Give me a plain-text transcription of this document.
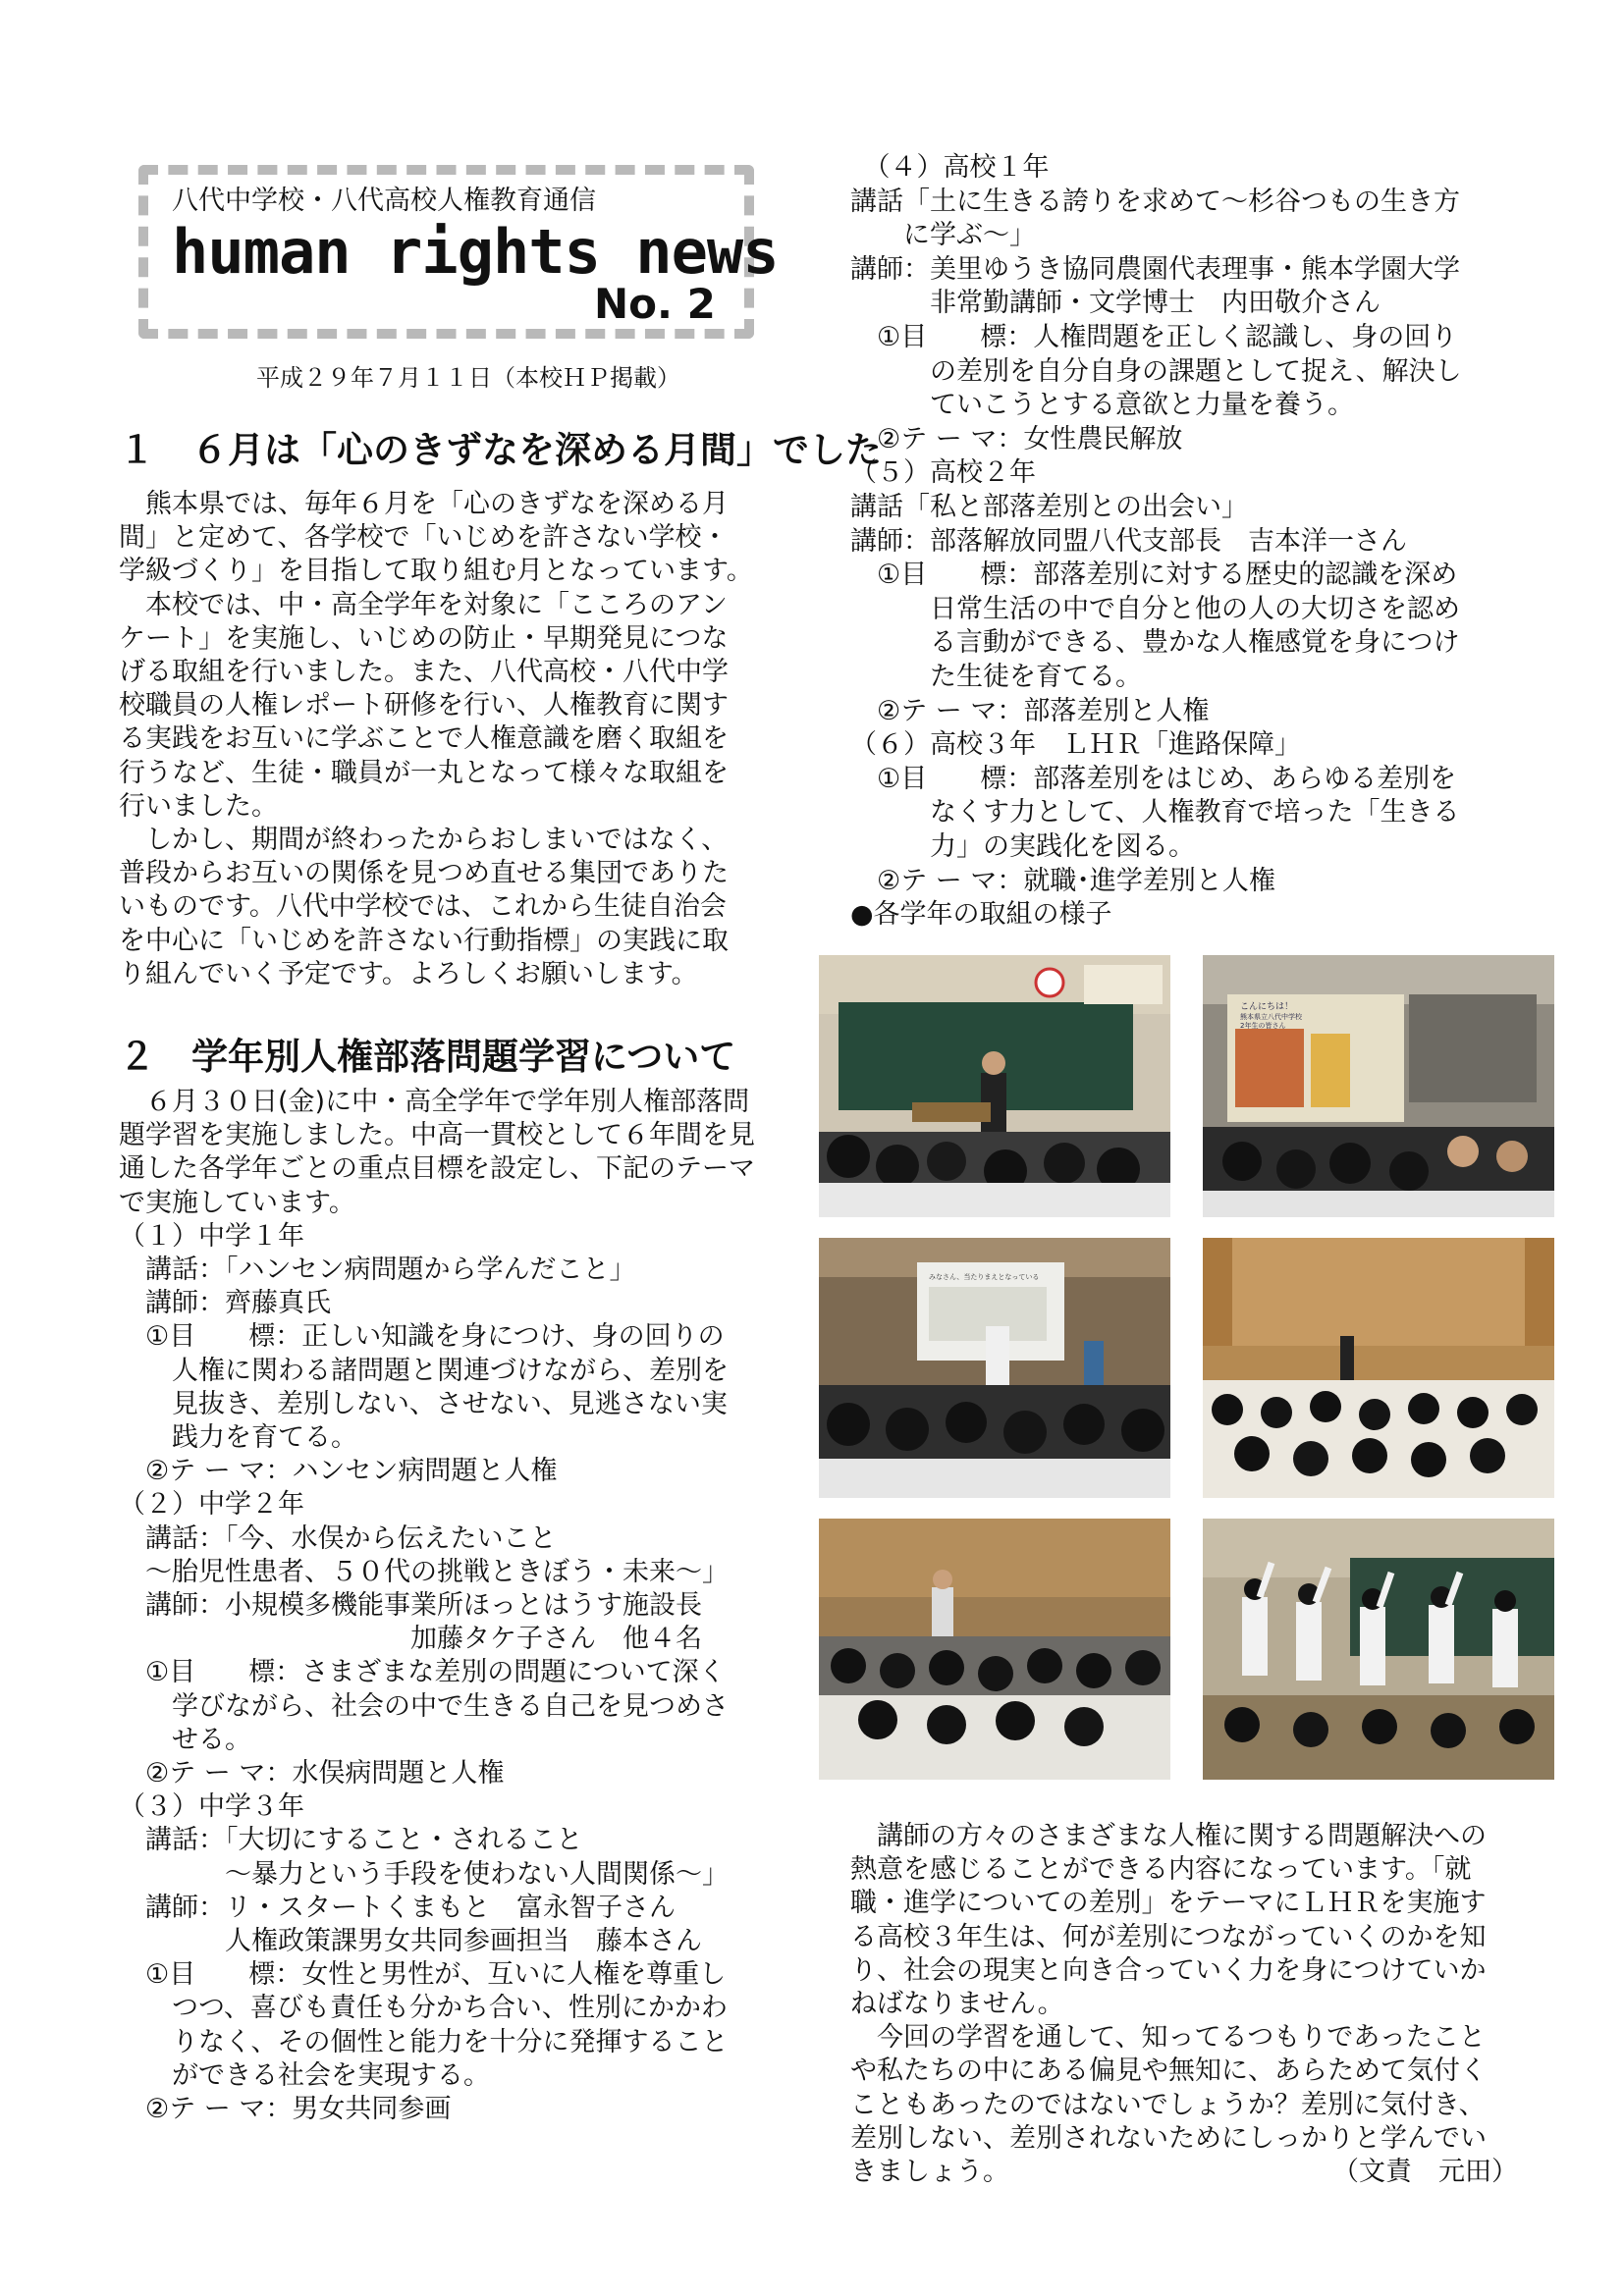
八代中学校・八代高校人権教育通信
human rights news
No. 2
平成２９年７月１１日（本校ＨＰ掲載）
１　６月は「心のきずなを深める月間」でした
　熊本県では、毎年６月を「心のきずなを深める月
間」と定めて、各学校で「いじめを許さない学校・
学級づくり」を目指して取り組む月となっています。
　本校では、中・高全学年を対象に「こころのアン
ケート」を実施し、いじめの防止・早期発見につな
げる取組を行いました。また、八代高校・八代中学
校職員の人権レポート研修を行い、人権教育に関す
る実践をお互いに学ぶことで人権意識を磨く取組を
行うなど、生徒・職員が一丸となって様々な取組を
行いました。
　しかし、期間が終わったからおしまいではなく、
普段からお互いの関係を見つめ直せる集団でありた
いものです。八代中学校では、これから生徒自治会
を中心に「いじめを許さない行動指標」の実践に取
り組んでいく予定です。よろしくお願いします。
２　学年別人権部落問題学習について
　６月３０日(金)に中・高全学年で学年別人権部落問
題学習を実施しました。中高一貫校として６年間を見
通した各学年ごとの重点目標を設定し、下記のテーマ
で実施しています。
（１）中学１年
　講話：「ハンセン病問題から学んだこと」
　講師：齊藤真氏
　①目　　標：正しい知識を身につけ、身の回りの
　　人権に関わる諸問題と関連づけながら、差別を
　　見抜き、差別しない、させない、見逃さない実
　　践力を育てる。
　②テ ー マ：ハンセン病問題と人権
（２）中学２年
　講話：「今、水俣から伝えたいこと
　～胎児性患者、５０代の挑戦ときぼう・未来～」
　講師：小規模多機能事業所ほっとはうす施設長
　　　　　　　　　　　加藤タケ子さん　他４名
　①目　　標：さまざまな差別の問題について深く
　　学びながら、社会の中で生きる自己を見つめさ
　　せる。
　②テ ー マ：水俣病問題と人権
（３）中学３年
　講話：「大切にすること・されること
　　　　～暴力という手段を使わない人間関係～」
　講師：リ・スタートくまもと　富永智子さん
　　　　人権政策課男女共同参画担当　藤本さん
　①目　　標：女性と男性が、互いに人権を尊重し
　　つつ、喜びも責任も分かち合い、性別にかかわ
　　りなく、その個性と能力を十分に発揮すること
　　ができる社会を実現する。
　②テ ー マ：男女共同参画
　（４）高校１年
講話「土に生きる誇りを求めて～杉谷つもの生き方
　　に学ぶ～」
講師：美里ゆうき協同農園代表理事・熊本学園大学
　　　非常勤講師・文学博士　内田敬介さん
　①目　　標：人権問題を正しく認識し、身の回り
　　　の差別を自分自身の課題として捉え、解決し
　　　ていこうとする意欲と力量を養う。
　②テ ー マ：女性農民解放
（５）高校２年
講話「私と部落差別との出会い」
講師：部落解放同盟八代支部長　吉本洋一さん
　①目　　標：部落差別に対する歴史的認識を深め
　　　日常生活の中で自分と他の人の大切さを認め
　　　る言動ができる、豊かな人権感覚を身につけ
　　　た生徒を育てる。
　②テ ー マ：部落差別と人権
（６）高校３年　ＬＨＲ「進路保障」
　①目　　標：部落差別をはじめ、あらゆる差別を
　　　なくす力として、人権教育で培った「生きる
　　　力」の実践化を図る。
　②テ ー マ：就職･進学差別と人権
●各学年の取組の様子
　講師の方々のさまざまな人権に関する問題解決への
熱意を感じることができる内容になっています。「就
職・進学についての差別」をテーマにＬＨＲを実施す
る高校３年生は、何が差別につながっていくのかを知
り、社会の現実と向き合っていく力を身につけていか
ねばなりません。
　今回の学習を通して、知ってるつもりであったこと
や私たちの中にある偏見や無知に、あらためて気付く
こともあったのではないでしょうか？差別に気付き、
差別しない、差別されないためにしっかりと学んでい
きましょう。	（文責　元田）
こんにちは！
熊本県立八代中学校
2年生の皆さん
みなさん、当たりまえとなっている
